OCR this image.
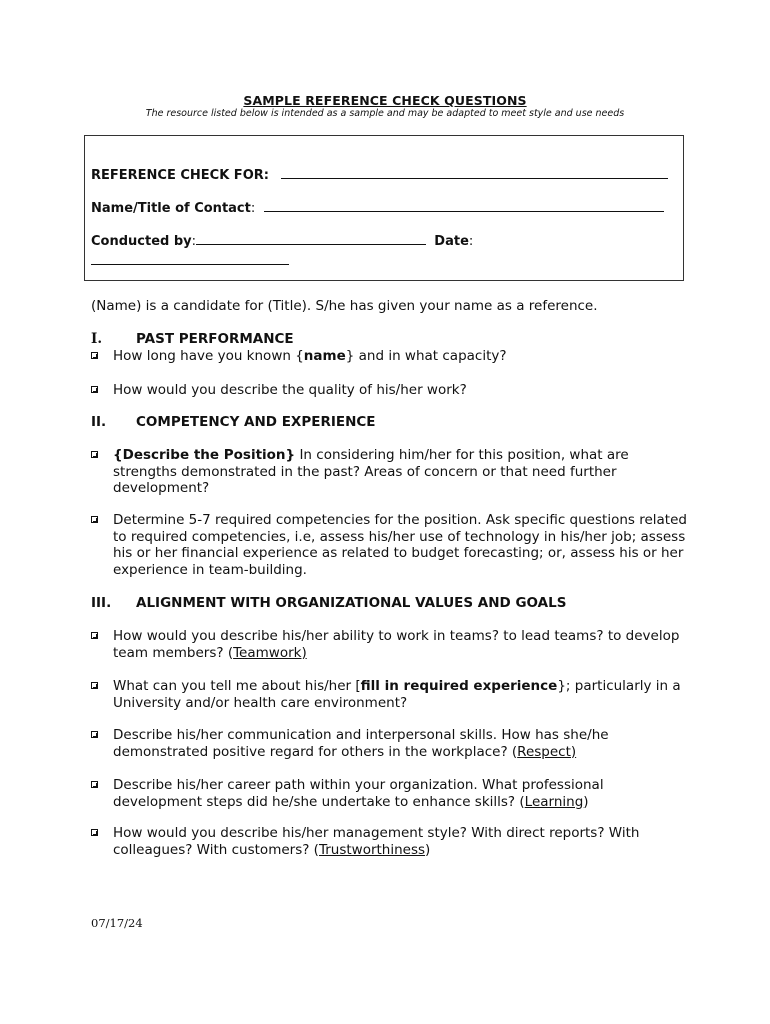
SAMPLE REFERENCE CHECK QUESTIONS
The resource listed below is intended as a sample and may be adapted to meet style and use needs
REFERENCE CHECK FOR:
Name/Title of Contact:
Conducted by:	Date:
(Name) is a candidate for (Title). S/he has given your name as a reference.
I.	PAST PERFORMANCE
How long have you known {name} and in what capacity?
How would you describe the quality of his/her work?
II. COMPETENCY AND EXPERIENCE
{Describe the Position} In considering him/her for this position, what are strengths demonstrated in the past? Areas of concern or that need further development?
Determine 5-7 required competencies for the position. Ask specific questions related to required competencies, i.e, assess his/her use of technology in his/her job; assess his or her financial experience as related to budget forecasting; or, assess his or her experience in team-building.
III. ALIGNMENT WITH ORGANIZATIONAL VALUES AND GOALS
How would you describe his/her ability to work in teams? to lead teams? to develop team members? (Teamwork)
What can you tell me about his/her [fill in required experience}; particularly in a University and/or health care environment?
Describe his/her communication and interpersonal skills. How has she/he demonstrated positive regard for others in the workplace? (Respect)
Describe his/her career path within your organization. What professional development steps did he/she undertake to enhance skills? (Learning)
How would you describe his/her management style? With direct reports? With colleagues? With customers? (Trustworthiness)
07/17/24
